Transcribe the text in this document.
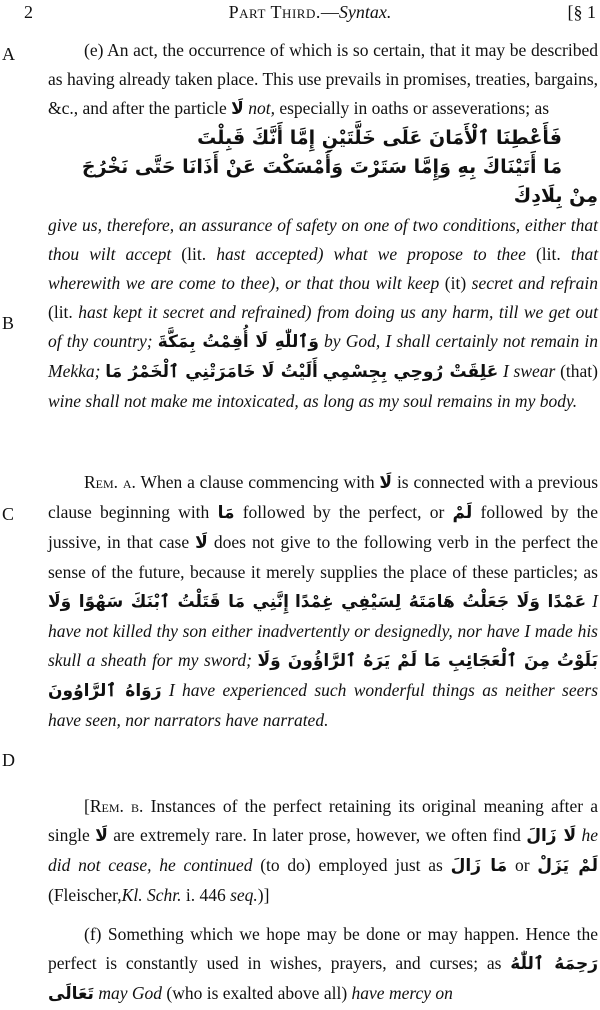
2	Part Third.—Syntax.	[§ 1
A
B
C
D
(e) An act, the occurrence of which is so certain, that it may be described as having already taken place. This use prevails in promises, treaties, bargains, &c., and after the particle لَا not, especially in oaths or asseverations; as
فَأَعْطِنَا ٱلْأَمَانَ عَلَى خَلَّتَيْنِ إِمَّا أَنَّكَ قَبِلْتَ
مَا أَتَيْنَاكَ بِهِ وَإِمَّا سَتَرْتَ وَأَمْسَكْتَ عَنْ أَذَانَا حَتَّى نَخْرُجَ مِنْ بِلَادِكَ
give us, therefore, an assurance of safety on one of two conditions, either that thou wilt accept (lit. hast accepted) what we propose to thee (lit. that wherewith we are come to thee), or that thou wilt keep (it) secret and refrain (lit. hast kept it secret and refrained) from doing us any harm, till we get out of thy country; وَٱللّٰهِ لَا أُقِمْتُ بِمَكَّةَ by God, I shall certainly not remain in Mekka; أَلَيْتُ لَا خَامَرَتْنِي ٱلْخَمْرُ مَا عَلِقَتْ رُوحِي بِجِسْمِي I swear (that) wine shall not make me intoxicated, as long as my soul remains in my body.
Rem. a. When a clause commencing with لَا is connected with a previous clause beginning with مَا followed by the perfect, or لَمْ followed by the jussive, in that case لَا does not give to the following verb in the perfect the sense of the future, because it merely supplies the place of these particles; as إِنَّنِي مَا قَتَلْتُ ٱبْنَكَ سَهْوًا وَلَا عَمْدًا وَلَا جَعَلْتُ هَامَتَهُ لِسَيْفِي غِمْدًا I have not killed thy son either inadvertently or designedly, nor have I made his skull a sheath for my sword; بَلَوْتُ مِنَ ٱلْعَجَائِبِ مَا لَمْ يَرَهُ ٱلرَّاؤُونَ وَلَا رَوَاهُ ٱلرَّاوُونَ I have experienced such wonderful things as neither seers have seen, nor narrators have narrated.
[Rem. b. Instances of the perfect retaining its original meaning after a single لَا are extremely rare. In later prose, however, we often find لَا زَالَ he did not cease, he continued (to do) employed just as مَا زَالَ or لَمْ يَزَلْ (Fleischer,Kl. Schr. i. 446 seq.)]
(f) Something which we hope may be done or may happen. Hence the perfect is constantly used in wishes, prayers, and curses; as رَحِمَهُ ٱللّٰهُ تَعَالَى may God (who is exalted above all) have mercy on
